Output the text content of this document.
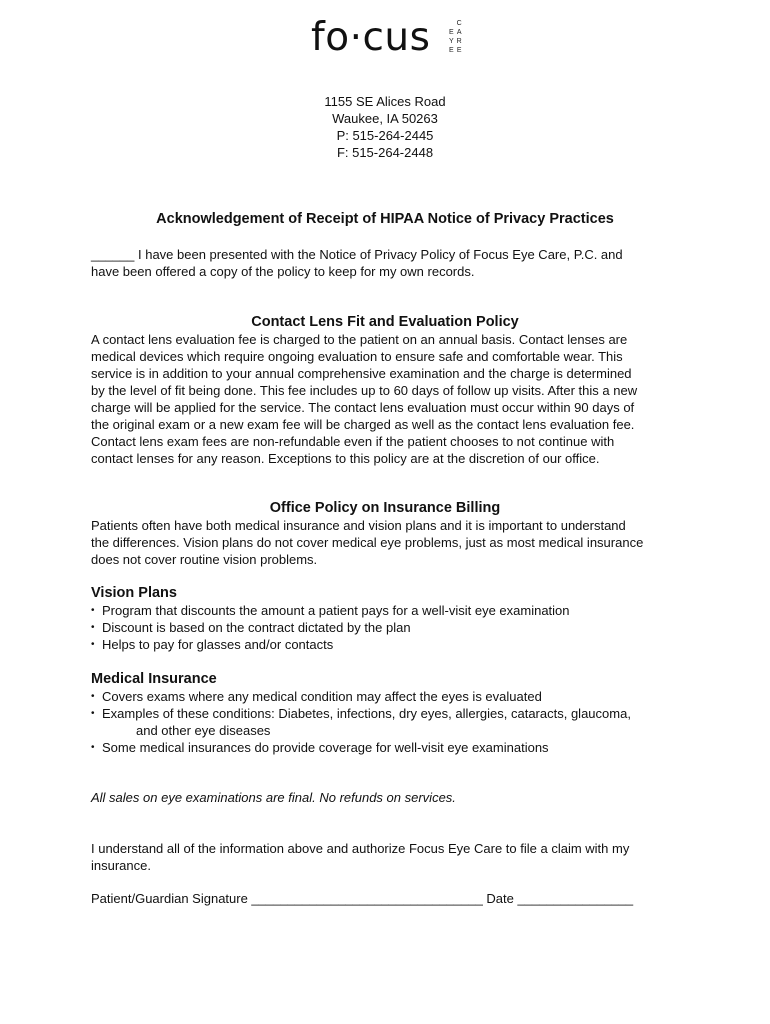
fo·cus	E
Y
E
C
A
R
E
1155 SE Alices Road
Waukee, IA 50263
P: 515-264-2445
F: 515-264-2448
Acknowledgement of Receipt of HIPAA Notice of Privacy Practices
______ I have been presented with the Notice of Privacy Policy of Focus Eye Care, P.C. and
have been offered a copy of the policy to keep for my own records.
Contact Lens Fit and Evaluation Policy
A contact lens evaluation fee is charged to the patient on an annual basis. Contact lenses are
medical devices which require ongoing evaluation to ensure safe and comfortable wear. This
service is in addition to your annual comprehensive examination and the charge is determined
by the level of fit being done. This fee includes up to 60 days of follow up visits. After this a new
charge will be applied for the service. The contact lens evaluation must occur within 90 days of
the original exam or a new exam fee will be charged as well as the contact lens evaluation fee.
Contact lens exam fees are non-refundable even if the patient chooses to not continue with
contact lenses for any reason. Exceptions to this policy are at the discretion of our office.
Office Policy on Insurance Billing
Patients often have both medical insurance and vision plans and it is important to understand
the differences. Vision plans do not cover medical eye problems, just as most medical insurance
does not cover routine vision problems.
Vision Plans
• Program that discounts the amount a patient pays for a well-visit eye examination
• Discount is based on the contract dictated by the plan
• Helps to pay for glasses and/or contacts
Medical Insurance
• Covers exams where any medical condition may affect the eyes is evaluated
• Examples of these conditions: Diabetes, infections, dry eyes, allergies, cataracts, glaucoma,
and other eye diseases
• Some medical insurances do provide coverage for well-visit eye examinations
All sales on eye examinations are final. No refunds on services.
I understand all of the information above and authorize Focus Eye Care to file a claim with my
insurance.
Patient/Guardian Signature ________________________________ Date ________________
